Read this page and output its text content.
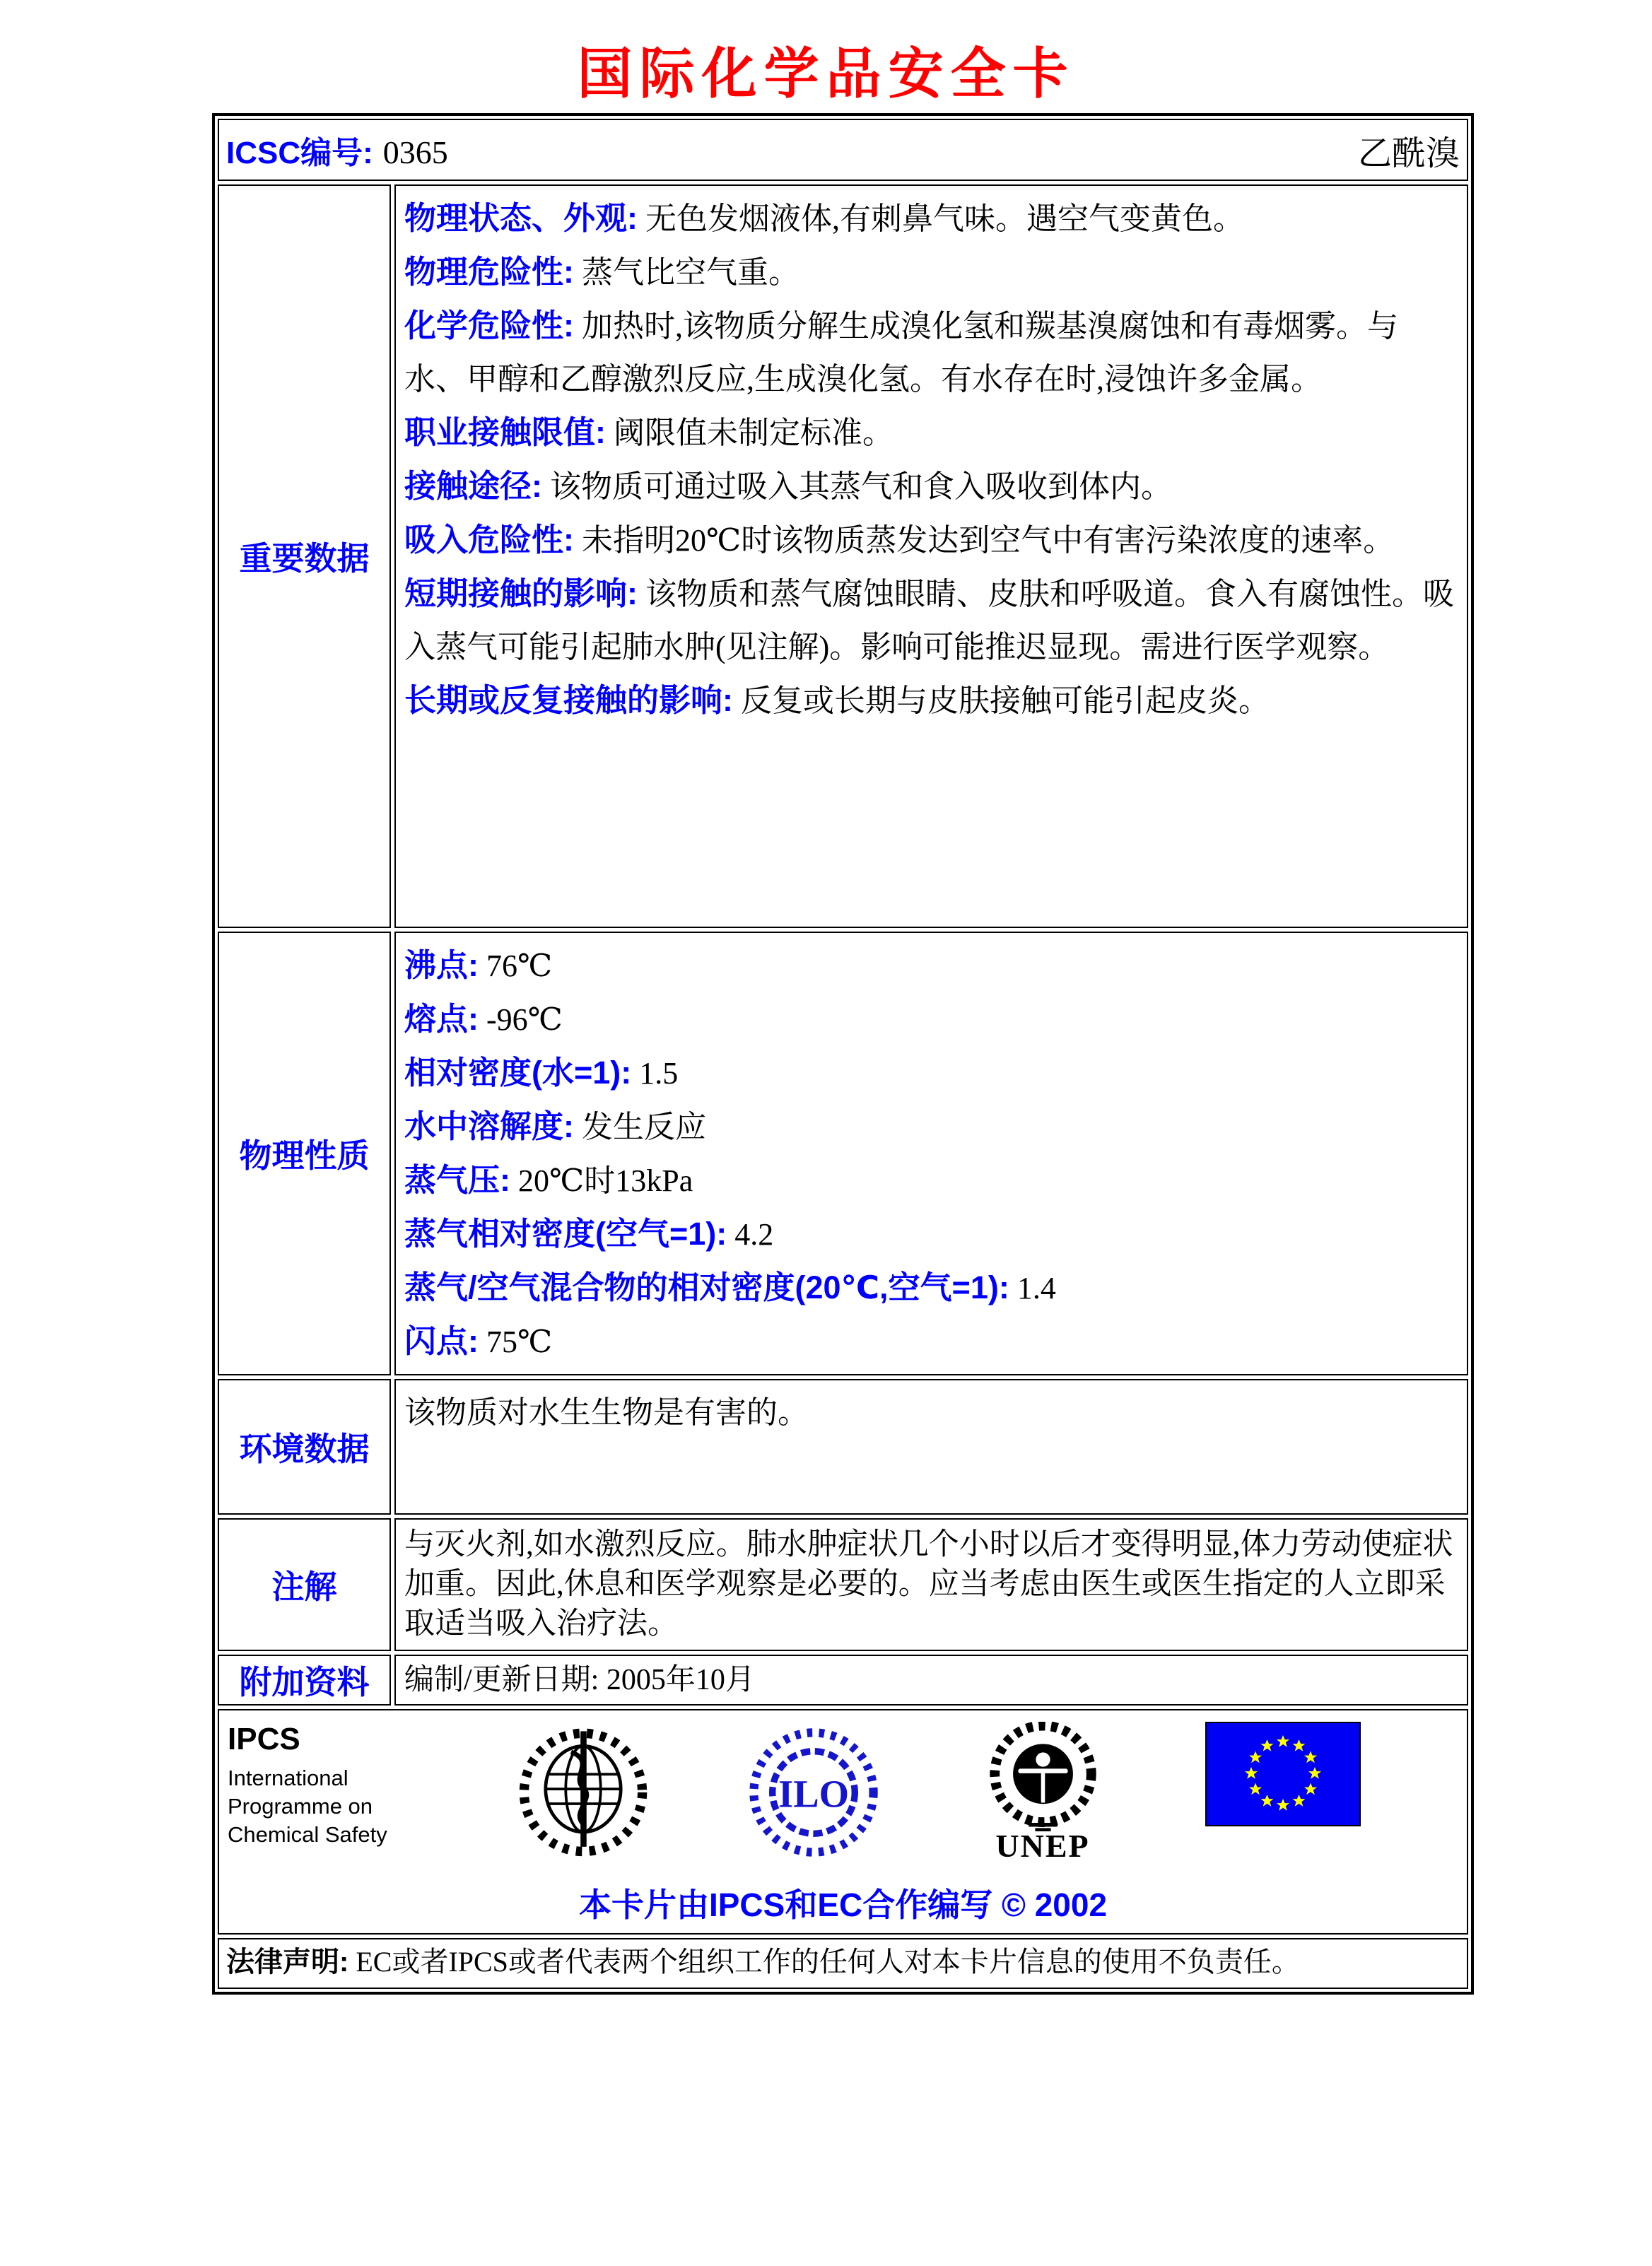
国际化学品安全卡
ICSC编号: 0365	乙酰溴
重要数据
物理状态、外观: 无色发烟液体,有刺鼻气味。遇空气变黄色。
物理危险性: 蒸气比空气重。
化学危险性: 加热时,该物质分解生成溴化氢和羰基溴腐蚀和有毒烟雾。与水、甲醇和乙醇激烈反应,生成溴化氢。有水存在时,浸蚀许多金属。
职业接触限值: 阈限值未制定标准。
接触途径: 该物质可通过吸入其蒸气和食入吸收到体内。
吸入危险性: 未指明20℃时该物质蒸发达到空气中有害污染浓度的速率。
短期接触的影响: 该物质和蒸气腐蚀眼睛、皮肤和呼吸道。食入有腐蚀性。吸入蒸气可能引起肺水肿(见注解)。影响可能推迟显现。需进行医学观察。
长期或反复接触的影响: 反复或长期与皮肤接触可能引起皮炎。
物理性质
沸点: 76℃
熔点: -96℃
相对密度(水=1): 1.5
水中溶解度: 发生反应
蒸气压: 20℃时13kPa
蒸气相对密度(空气=1): 4.2
蒸气/空气混合物的相对密度(20℃,空气=1): 1.4
闪点: 75℃
环境数据
该物质对水生生物是有害的。
注解
与灭火剂,如水激烈反应。肺水肿症状几个小时以后才变得明显,体力劳动使症状加重。因此,休息和医学观察是必要的。应当考虑由医生或医生指定的人立即采取适当吸入治疗法。
附加资料	编制/更新日期: 2005年10月
IPCS
International
Programme on
Chemical Safety
ILO
UNEP
本卡片由IPCS和EC合作编写 © 2002
法律声明: EC或者IPCS或者代表两个组织工作的任何人对本卡片信息的使用不负责任。
